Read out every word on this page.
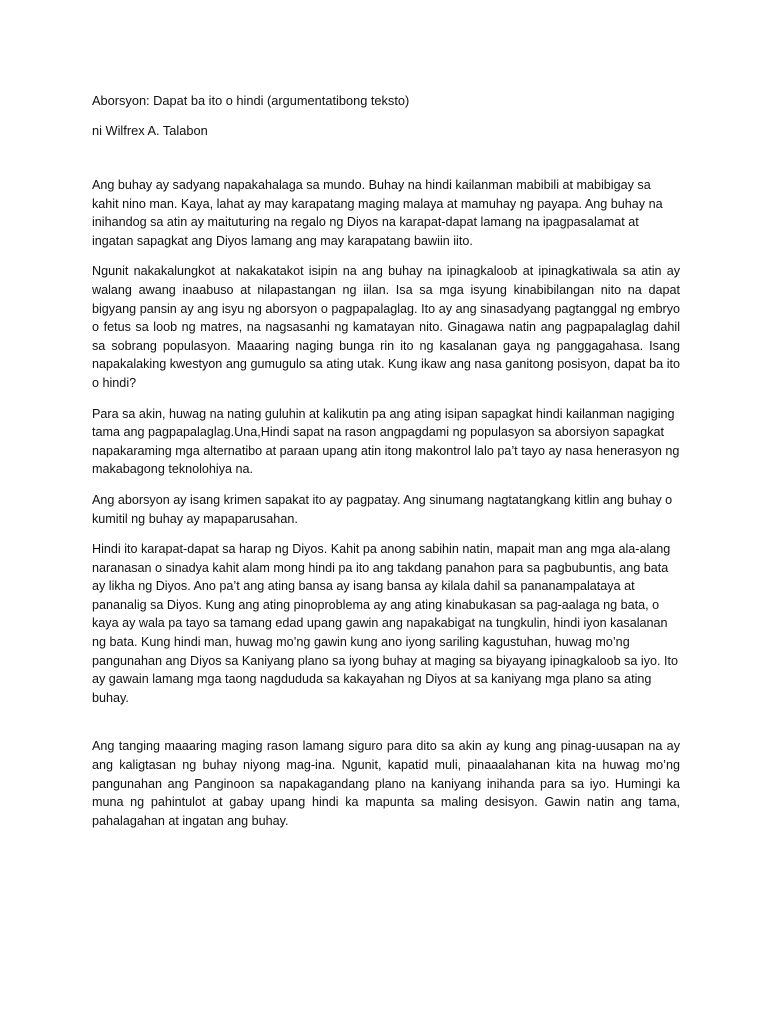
Aborsyon: Dapat ba ito o hindi (argumentatibong teksto)
ni Wilfrex A. Talabon

Ang buhay ay sadyang napakahalaga sa mundo. Buhay na hindi kailanman mabibili at mabibigay sa kahit nino man. Kaya, lahat ay may karapatang maging malaya at mamuhay ng payapa. Ang buhay na inihandog sa atin ay maituturing na regalo ng Diyos na karapat-dapat lamang na ipagpasalamat at ingatan sapagkat ang Diyos lamang ang may karapatang bawiin iito.

Ngunit nakakalungkot at nakakatakot isipin na ang buhay na ipinagkaloob at ipinagkatiwala sa atin ay walang awang inaabuso at nilapastangan ng iilan. Isa sa mga isyung kinabibilangan nito na dapat bigyang pansin ay ang isyu ng aborsyon o pagpapalaglag. Ito ay ang sinasadyang pagtanggal ng embryo o fetus sa loob ng matres, na nagsasanhi ng kamatayan nito. Ginagawa natin ang pagpapalaglag dahil sa sobrang populasyon. Maaaring naging bunga rin ito ng kasalanan gaya ng panggagahasa. Isang napakalaking kwestyon ang gumugulo sa ating utak. Kung ikaw ang nasa ganitong posisyon, dapat ba ito o hindi?

Para sa akin, huwag na nating guluhin at kalikutin pa ang ating isipan sapagkat hindi kailanman nagiging tama ang pagpapalaglag.Una,Hindi sapat na rason angpagdami ng populasyon sa aborsiyon sapagkat napakaraming mga alternatibo at paraan upang atin itong makontrol lalo pa’t tayo ay nasa henerasyon ng makabagong teknolohiya na.

Ang aborsyon ay isang krimen sapakat ito ay pagpatay. Ang sinumang nagtatangkang kitlin ang buhay o kumitil ng buhay ay mapaparusahan.

Hindi ito karapat-dapat sa harap ng Diyos. Kahit pa anong sabihin natin, mapait man ang mga ala-alang naranasan o sinadya kahit alam mong hindi pa ito ang takdang panahon para sa pagbubuntis, ang bata ay likha ng Diyos. Ano pa’t ang ating bansa ay isang bansa ay kilala dahil sa pananampalataya at pananalig sa Diyos. Kung ang ating pinoproblema ay ang ating kinabukasan sa pag-aalaga ng bata, o kaya ay wala pa tayo sa tamang edad upang gawin ang napakabigat na tungkulin, hindi iyon kasalanan ng bata. Kung hindi man, huwag mo’ng gawin kung ano iyong sariling kagustuhan, huwag mo’ng pangunahan ang Diyos sa Kaniyang plano sa iyong buhay at maging sa biyayang ipinagkaloob sa iyo. Ito ay gawain lamang mga taong nagdududa sa kakayahan ng Diyos at sa kaniyang mga plano sa ating buhay.

Ang tanging maaaring maging rason lamang siguro para dito sa akin ay kung ang pinag-uusapan na ay ang kaligtasan ng buhay niyong mag-ina. Ngunit, kapatid muli, pinaaalahanan kita na huwag mo’ng pangunahan ang Panginoon sa napakagandang plano na kaniyang inihanda para sa iyo. Humingi ka muna ng pahintulot at gabay upang hindi ka mapunta sa maling desisyon. Gawin natin ang tama, pahalagahan at ingatan ang buhay.
